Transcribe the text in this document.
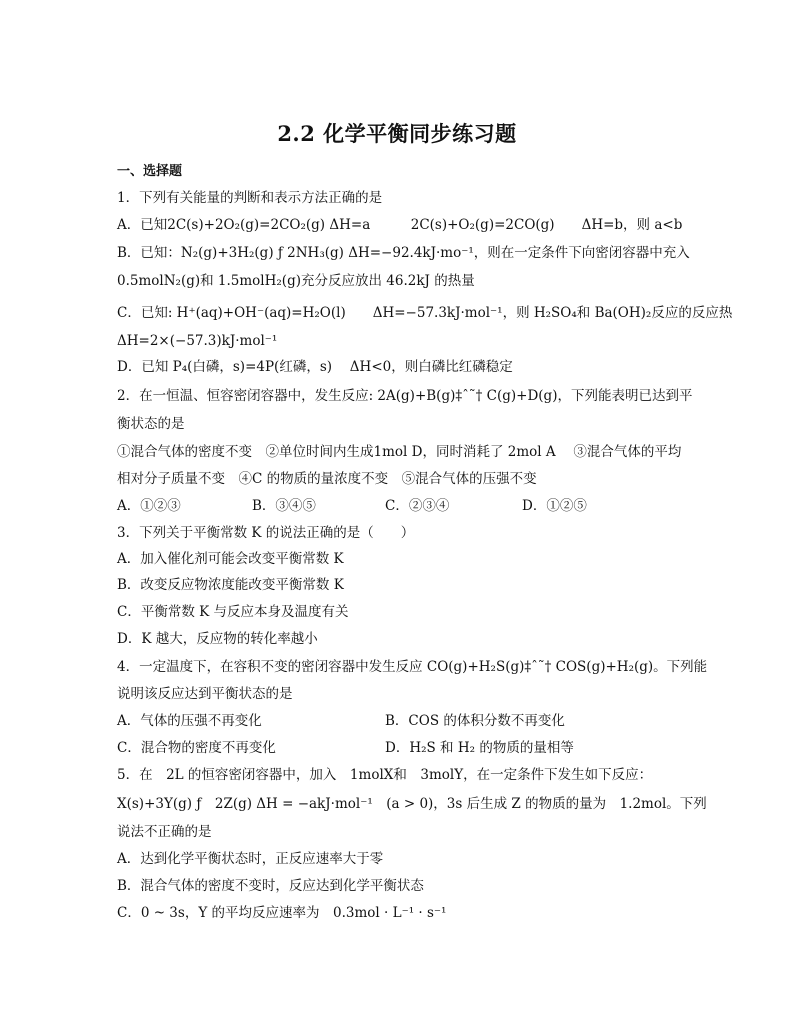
2.2 化学平衡同步练习题
一、选择题
1．下列有关能量的判断和表示方法正确的是
A．已知2C(s)+2O₂(g)=2CO₂(g) ΔH=a　　　2C(s)+O₂(g)=2CO(g)　　ΔH=b，则 a<b
B．已知：N₂(g)+3H₂(g) ƒ 2NH₃(g) ΔH=−92.4kJ·mo⁻¹，则在一定条件下向密闭容器中充入
0.5molN₂(g)和 1.5molH₂(g)充分反应放出 46.2kJ 的热量
C．已知: H⁺(aq)+OH⁻(aq)=H₂O(l)　　ΔH=−57.3kJ·mol⁻¹，则 H₂SO₄和 Ba(OH)₂反应的反应热
ΔH=2×(−57.3)kJ·mol⁻¹
D．已知 P₄(白磷，s)=4P(红磷，s)　 ΔH<0，则白磷比红磷稳定
2．在一恒温、恒容密闭容器中，发生反应: 2A(g)+B(g)‡ˆ˜† C(g)+D(g)，下列能表明已达到平
衡状态的是
①混合气体的密度不变　②单位时间内生成1mol D，同时消耗了 2mol A　 ③混合气体的平均
相对分子质量不变　④C 的物质的量浓度不变　⑤混合气体的压强不变
A．①②③	B．③④⑤	C．②③④	D．①②⑤
3．下列关于平衡常数 K 的说法正确的是（　　）
A．加入催化剂可能会改变平衡常数 K
B．改变反应物浓度能改变平衡常数 K
C．平衡常数 K 与反应本身及温度有关
D．K 越大，反应物的转化率越小
4．一定温度下，在容积不变的密闭容器中发生反应 CO(g)+H₂S(g)‡ˆ˜† COS(g)+H₂(g)。下列能
说明该反应达到平衡状态的是
A．气体的压强不再变化	B．COS 的体积分数不再变化
C．混合物的密度不再变化	D．H₂S 和 H₂ 的物质的量相等
5．在　2L 的恒容密闭容器中，加入　1molX和　3molY，在一定条件下发生如下反应：
X(s)+3Y(g) ƒ　2Z(g) ΔH = −akJ·mol⁻¹　(a > 0)，3s 后生成 Z 的物质的量为　1.2mol。下列
说法不正确的是
A．达到化学平衡状态时，正反应速率大于零
B．混合气体的密度不变时，反应达到化学平衡状态
C．0 ~ 3s，Y 的平均反应速率为　0.3mol · L⁻¹ · s⁻¹
